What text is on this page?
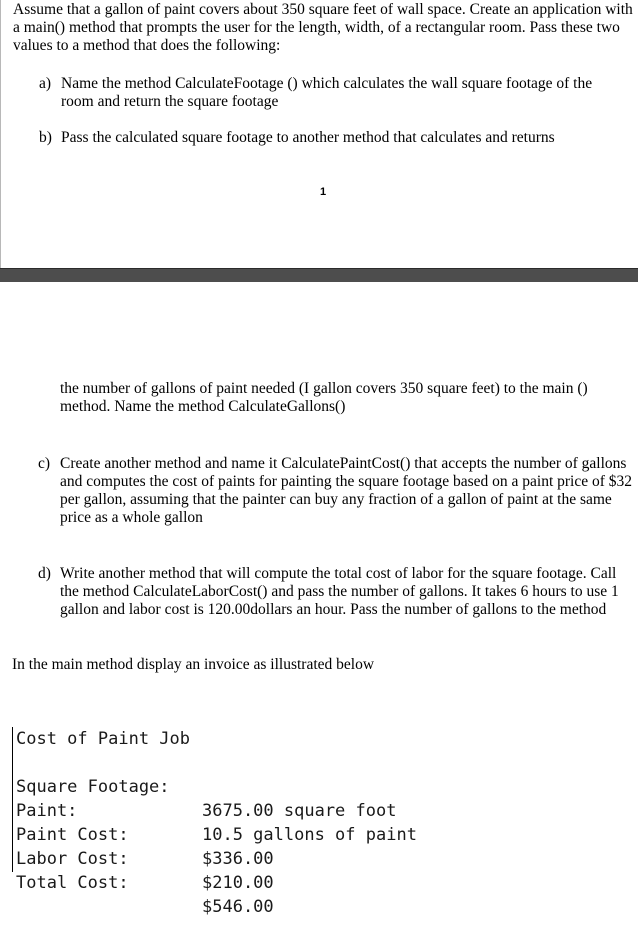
Assume that a gallon of paint covers about 350 square feet of wall space. Create an application with a main() method that prompts the user for the length, width, of a rectangular room. Pass these two values to a method that does the following:

a) Name the method CalculateFootage () which calculates the wall square footage of the room and return the square footage

b) Pass the calculated square footage to another method that calculates and returns

1

the number of gallons of paint needed (I gallon covers 350 square feet) to the main () method. Name the method CalculateGallons()

c) Create another method and name it CalculatePaintCost() that accepts the number of gallons and computes the cost of paints for painting the square footage based on a paint price of $32 per gallon, assuming that the painter can buy any fraction of a gallon of paint at the same price as a whole gallon

d) Write another method that will compute the total cost of labor for the square footage. Call the method CalculateLaborCost() and pass the number of gallons. It takes 6 hours to use 1 gallon and labor cost is 120.00dollars an hour. Pass the number of gallons to the method

In the main method display an invoice as illustrated below

Cost of Paint Job

Square Footage:

3675.00 square foot

Paint:

10.5 gallons of paint

Paint Cost:

$336.00

Labor Cost:

$210.00

Total Cost:

$546.00
